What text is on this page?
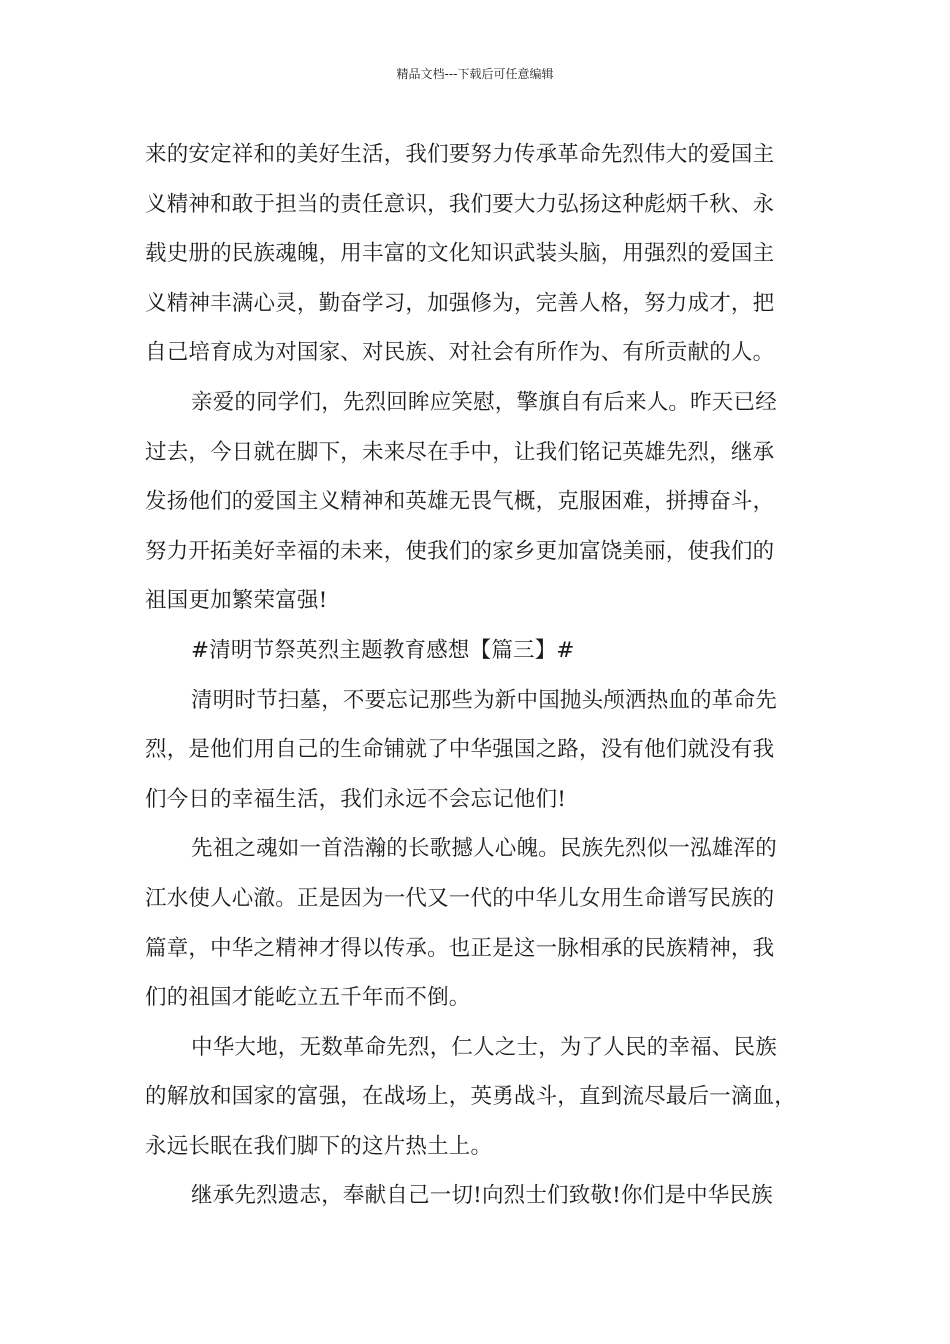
精品文档---下载后可任意编辑
来的安定祥和的美好生活，我们要努力传承革命先烈伟大的爱国主
义精神和敢于担当的责任意识，我们要大力弘扬这种彪炳千秋、永
载史册的民族魂魄，用丰富的文化知识武装头脑，用强烈的爱国主
义精神丰满心灵，勤奋学习，加强修为，完善人格，努力成才，把
自己培育成为对国家、对民族、对社会有所作为、有所贡献的人。
亲爱的同学们，先烈回眸应笑慰，擎旗自有后来人。昨天已经
过去，今日就在脚下，未来尽在手中，让我们铭记英雄先烈，继承
发扬他们的爱国主义精神和英雄无畏气概，克服困难，拼搏奋斗，
努力开拓美好幸福的未来，使我们的家乡更加富饶美丽，使我们的
祖国更加繁荣富强!
#清明节祭英烈主题教育感想【篇三】#
清明时节扫墓，不要忘记那些为新中国抛头颅洒热血的革命先
烈，是他们用自己的生命铺就了中华强国之路，没有他们就没有我
们今日的幸福生活，我们永远不会忘记他们!
先祖之魂如一首浩瀚的长歌撼人心魄。民族先烈似一泓雄浑的
江水使人心澈。正是因为一代又一代的中华儿女用生命谱写民族的
篇章，中华之精神才得以传承。也正是这一脉相承的民族精神，我
们的祖国才能屹立五千年而不倒。
中华大地，无数革命先烈，仁人之士，为了人民的幸福、民族
的解放和国家的富强，在战场上，英勇战斗，直到流尽最后一滴血，
永远长眠在我们脚下的这片热土上。
继承先烈遗志，奉献自己一切!向烈士们致敬!你们是中华民族
